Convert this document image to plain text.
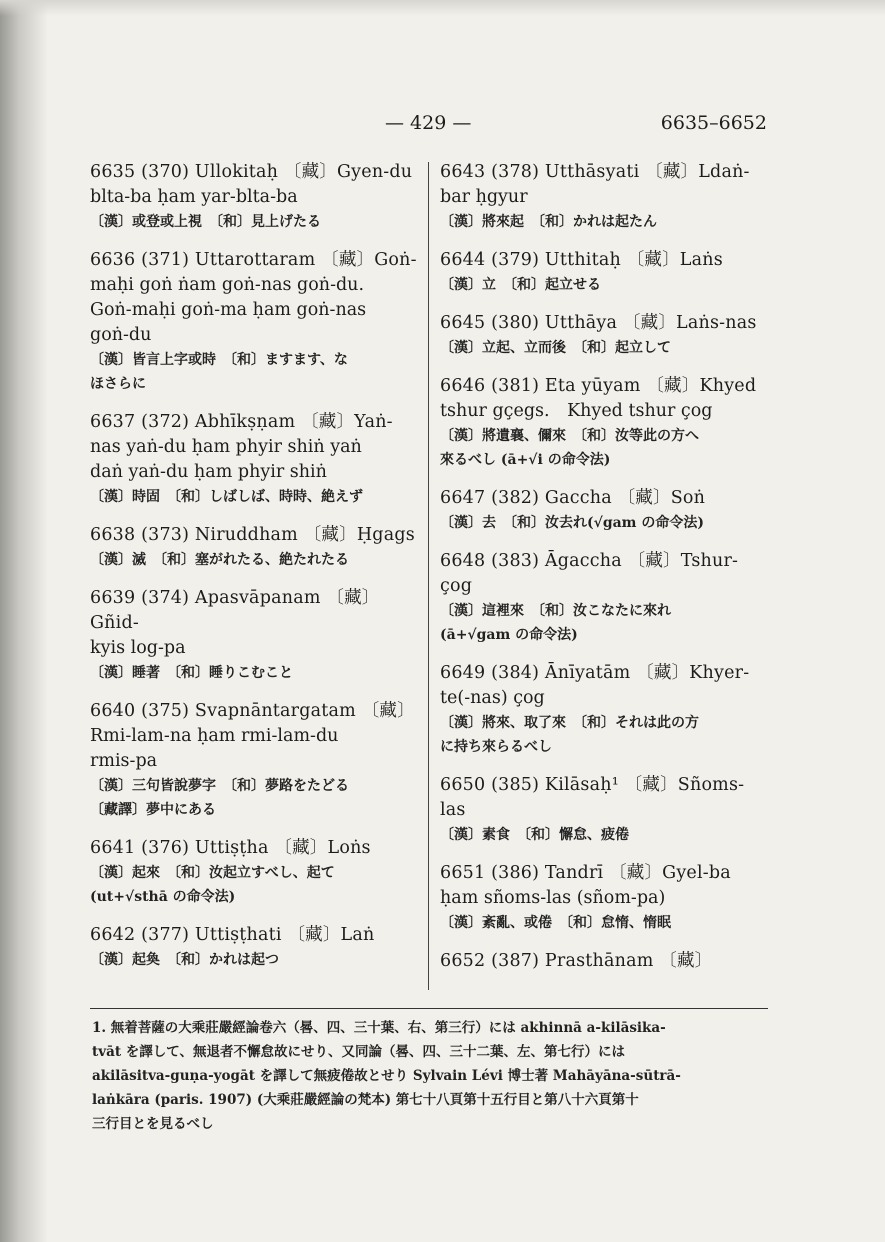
— 429 —	6635–6652
6635 (370) Ullokitaḥ 〔藏〕Gyen-du
blta-ba ḥam yar-blta-ba
〔漢〕或登或上視　〔和〕見上げたる
6636 (371) Uttarottaram 〔藏〕Goṅ-
maḥi goṅ ṅam goṅ-nas goṅ-du.
Goṅ-maḥi goṅ-ma ḥam goṅ-nas
goṅ-du
〔漢〕皆言上字或時　〔和〕ますます、な
ほさらに
6637 (372) Abhīkṣṇam 〔藏〕Yaṅ-
nas yaṅ-du ḥam phyir shiṅ yaṅ
daṅ yaṅ-du ḥam phyir shiṅ
〔漢〕時固　〔和〕しばしば、時時、絶えず
6638 (373) Niruddham 〔藏〕Ḥgags
〔漢〕滅　〔和〕塞がれたる、絶たれたる
6639 (374) Apasvāpanam 〔藏〕Gñid-
kyis log-pa
〔漢〕睡著　〔和〕睡りこむこと
6640 (375) Svapnāntargatam 〔藏〕
Rmi-lam-na ḥam rmi-lam-du
rmis-pa
〔漢〕三句皆說夢字　〔和〕夢路をたどる
〔藏譯〕夢中にある
6641 (376) Uttiṣṭha 〔藏〕Loṅs
〔漢〕起來　〔和〕汝起立すべし、起て
(ut+√sthā の命令法)
6642 (377) Uttiṣṭhati 〔藏〕Laṅ
〔漢〕起奐　〔和〕かれは起つ
6643 (378) Utthāsyati 〔藏〕Ldaṅ-
bar ḥgyur
〔漢〕將來起　〔和〕かれは起たん
6644 (379) Utthitaḥ 〔藏〕Laṅs
〔漢〕立　〔和〕起立せる
6645 (380) Utthāya 〔藏〕Laṅs-nas
〔漢〕立起、立而後　〔和〕起立して
6646 (381) Eta yūyam 〔藏〕Khyed
tshur gçegs.　Khyed tshur çog
〔漢〕將遺襄、儞來　〔和〕汝等此の方へ
來るべし (ā+√i の命令法)
6647 (382) Gaccha 〔藏〕Soṅ
〔漢〕去　〔和〕汝去れ(√gam の命令法)
6648 (383) Āgaccha 〔藏〕Tshur-çog
〔漢〕這裡來　〔和〕汝こなたに來れ
(ā+√gam の命令法)
6649 (384) Ānīyatām 〔藏〕Khyer-
te(-nas) çog
〔漢〕將來、取了來　〔和〕それは此の方
に持ち來らるべし
6650 (385) Kilāsaḥ¹ 〔藏〕Sñoms-las
〔漢〕素食　〔和〕懈怠、疲倦
6651 (386) Tandrī 〔藏〕Gyel-ba
ḥam sñoms-las (sñom-pa)
〔漢〕紊亂、或倦　〔和〕怠惰、惰眠
6652 (387) Prasthānam 〔藏〕
1. 無着菩薩の大乘莊嚴經論卷六（晷、四、三十葉、右、第三行）には akhinnā a-kilāsika-
tvāt を譯して、無退者不懈怠故にせり、又同論（晷、四、三十二葉、左、第七行）には
akilāsitva-guṇa-yogāt を譯して無疲倦故とせり Sylvain Lévi 博士著 Mahāyāna-sūtrā-
laṅkāra (paris. 1907) (大乘莊嚴經論の梵本) 第七十八頁第十五行目と第八十六頁第十
三行目とを見るべし
